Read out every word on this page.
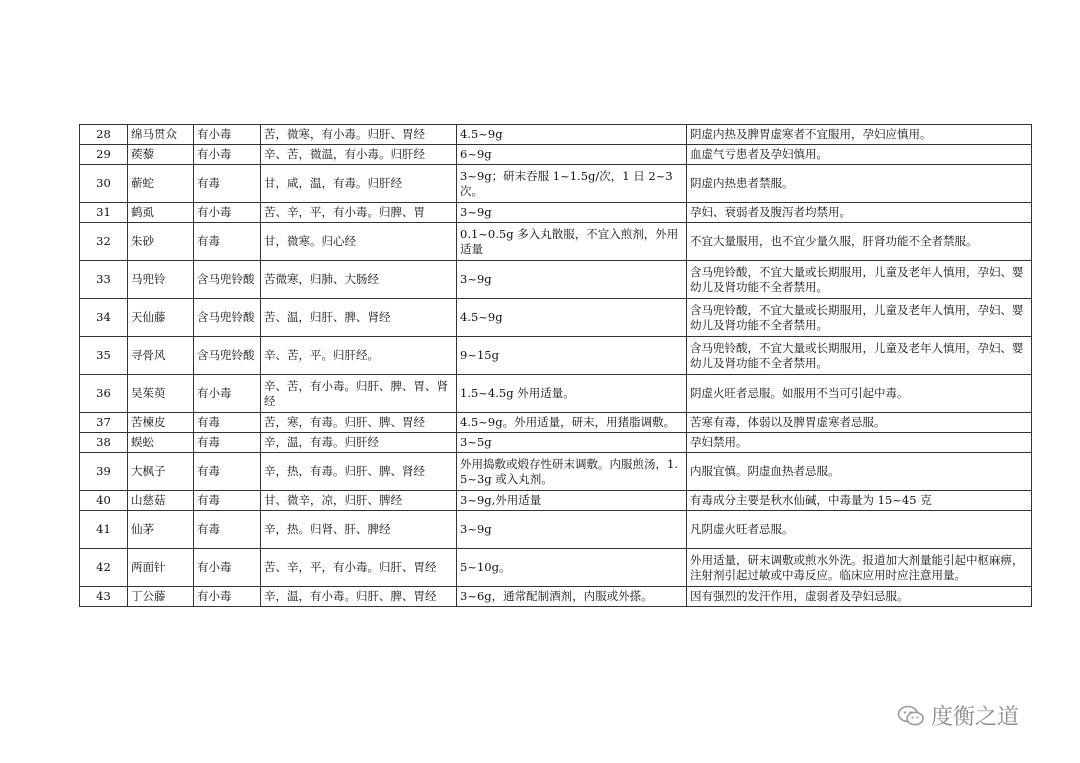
28	绵马贯众	有小毒	苦，微寒，有小毒。归肝、胃经	4.5~9g	阴虚内热及脾胃虚寒者不宜服用，孕妇应慎用。
29	蒺藜	有小毒	辛、苦，微温，有小毒。归肝经	6~9g	血虚气亏患者及孕妇慎用。
30	蕲蛇	有毒	甘，咸，温，有毒。归肝经	3~9g；研末吞服 1~1.5g/次，1 日 2~3 次。	阴虚内热患者禁服。
31	鹤虱	有小毒	苦、辛，平，有小毒。归脾、胃	3~9g	孕妇、衰弱者及腹泻者均禁用。
32	朱砂	有毒	甘，微寒。归心经	0.1~0.5g 多入丸散服，不宜入煎剂，外用适量	不宜大量服用，也不宜少量久服，肝肾功能不全者禁服。
33	马兜铃	含马兜铃酸	苦微寒，归肺、大肠经	3~9g	含马兜铃酸，不宜大量或长期服用，儿童及老年人慎用，孕妇、婴幼儿及肾功能不全者禁用。
34	天仙藤	含马兜铃酸	苦、温，归肝、脾、肾经	4.5~9g	含马兜铃酸，不宜大量或长期服用，儿童及老年人慎用，孕妇、婴幼儿及肾功能不全者禁用。
35	寻骨风	含马兜铃酸	辛、苦，平。归肝经。	9~15g	含马兜铃酸，不宜大量或长期服用，儿童及老年人慎用，孕妇、婴幼儿及肾功能不全者禁用。
36	吴茱萸	有小毒	辛、苦，有小毒。归肝、脾、胃、肾经	1.5~4.5g 外用适量。	阴虚火旺者忌服。如服用不当可引起中毒。
37	苦楝皮	有毒	苦，寒，有毒。归肝、脾、胃经	4.5~9g。外用适量，研末，用猪脂调敷。	苦寒有毒，体弱以及脾胃虚寒者忌服。
38	蜈蚣	有毒	辛，温，有毒。归肝经	3~5g	孕妇禁用。
39	大枫子	有毒	辛，热，有毒。归肝、脾、肾经	外用捣敷或煅存性研末调敷。内服煎汤，1.5~3g 或入丸剂。	内服宜慎。阴虚血热者忌服。
40	山慈菇	有毒	甘、微辛，凉，归肝、脾经	3~9g,外用适量	有毒成分主要是秋水仙碱，中毒量为 15~45 克
41	仙茅	有毒	辛，热。归肾、肝、脾经	3~9g	凡阴虚火旺者忌服。
42	两面针	有小毒	苦、辛，平，有小毒。归肝、胃经	5~10g。	外用适量，研末调敷或煎水外洗。报道加大剂量能引起中枢麻痹，注射剂引起过敏或中毒反应。临床应用时应注意用量。
43	丁公藤	有小毒	辛，温，有小毒。归肝、脾、胃经	3~6g，通常配制酒剂，内服或外搽。	因有强烈的发汗作用，虚弱者及孕妇忌服。
度衡之道
